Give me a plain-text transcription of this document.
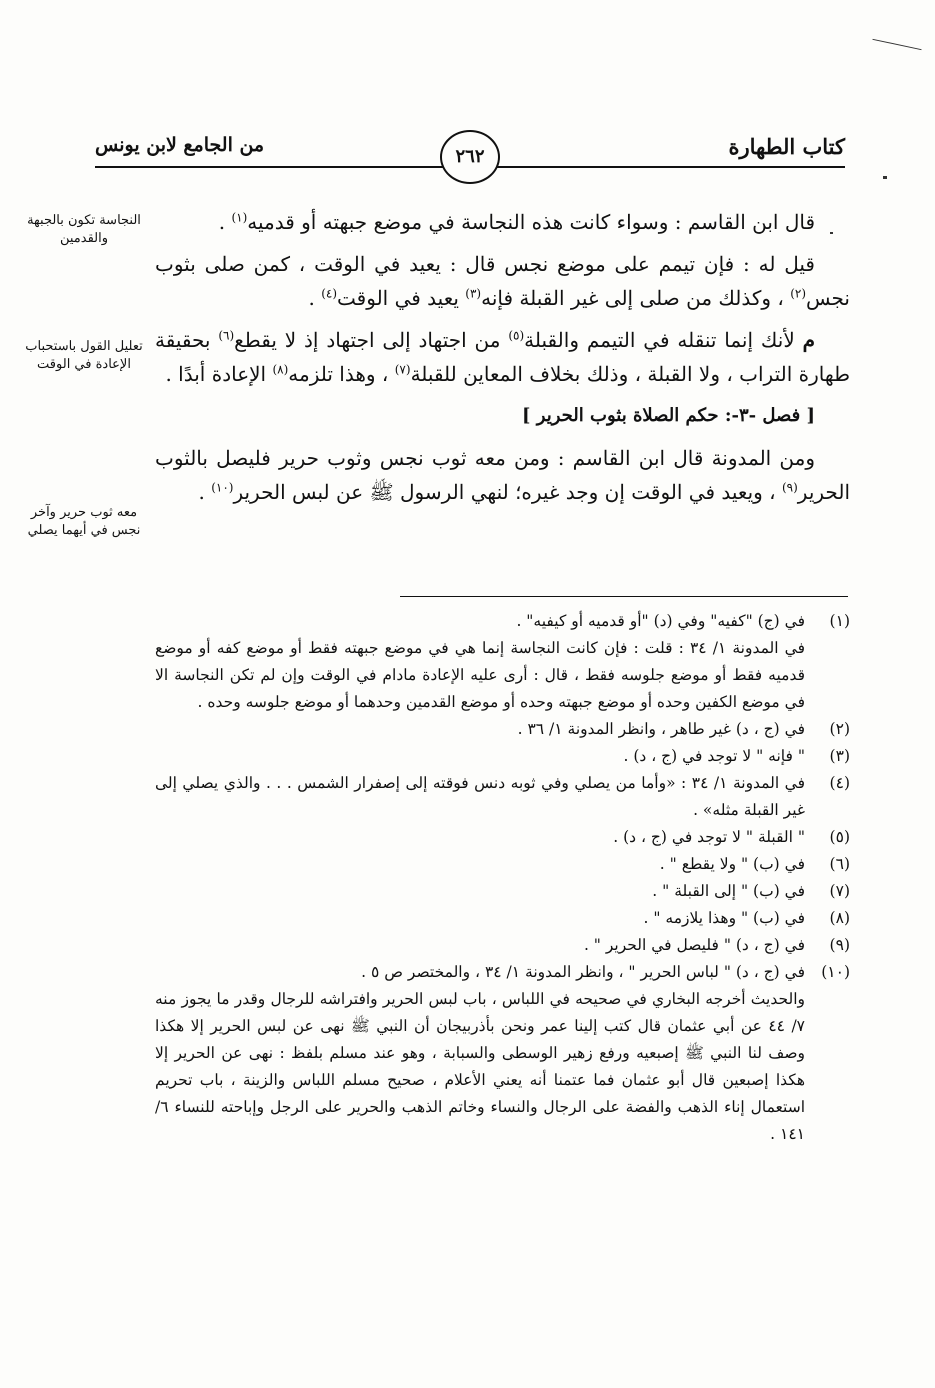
كتاب الطهارة
٢٦٢
من الجامع لابن يونس
النجاسة تكون بالجبهة والقدمين
تعليل القول باستحباب الإعادة في الوقت
معه ثوب حرير وآخر نجس في أيهما يصلي

قال ابن القاسم : وسواء كانت هذه النجاسة في موضع جبهته أو قدميه$^{(١)}$ .

قيل له : فإن تيمم على موضع نجس قال : يعيد في الوقت ، كمن صلى بثوب نجس$^{(٢)}$ ، وكذلك من صلى إلى غير القبلة فإنه$^{(٣)}$ يعيد في الوقت$^{(٤)}$ .

م لأنك إنما تنقله في التيمم والقبلة$^{(٥)}$ من اجتهاد إلى اجتهاد إذ لا يقطع$^{(٦)}$ بحقيقة طهارة التراب ، ولا القبلة ، وذلك بخلاف المعاين للقبلة$^{(٧)}$ ، وهذا تلزمه$^{(٨)}$ الإعادة أبدًا .

[ فصل -٣-: حكم الصلاة بثوب الحرير ]

ومن المدونة قال ابن القاسم : ومن معه ثوب نجس وثوب حرير فليصل بالثوب الحرير$^{(٩)}$ ، ويعيد في الوقت إن وجد غيره؛ لنهي الرسول ﷺ عن لبس الحرير$^{(١٠)}$ .

(١)
في (ج) "كفيه" وفي (د) "أو قدميه أو كيفيه" .
في المدونة ١/ ٣٤ : قلت : فإن كانت النجاسة إنما هي في موضع جبهته فقط أو موضع كفه أو موضع قدميه فقط أو موضع جلوسه فقط ، قال : أرى عليه الإعادة مادام في الوقت وإن لم تكن النجاسة الا في موضع الكفين وحده أو موضع جبهته وحده أو موضع القدمين وحدهما أو موضع جلوسه وحده .
(٢)
في (ج ، د) غير طاهر ، وانظر المدونة ١/ ٣٦ .
(٣)
" فإنه " لا توجد في (ج ، د) .
(٤)
في المدونة ١/ ٣٤ : «وأما من يصلي وفي ثوبه دنس فوقته إلى إصفرار الشمس . . . والذي يصلي إلى غير القبلة مثله» .
(٥)
" القبلة " لا توجد في (ج ، د) .
(٦)
في (ب) " ولا يقطع " .
(٧)
في (ب) " إلى القبلة " .
(٨)
في (ب) " وهذا يلازمه " .
(٩)
في (ج ، د) " فليصل في الحرير " .
(١٠)
في (ج ، د) " لباس الحرير " ، وانظر المدونة ١/ ٣٤ ، والمختصر ص ٥ .
والحديث أخرجه البخاري في صحيحه في اللباس ، باب لبس الحرير وافتراشه للرجال وقدر ما يجوز منه ٧/ ٤٤ عن أبي عثمان قال كتب إلينا عمر ونحن بأذربيجان أن النبي ﷺ نهى عن لبس الحرير إلا هكذا وصف لنا النبي ﷺ إصبعيه ورفع زهير الوسطى والسبابة ، وهو عند مسلم بلفظ : نهى عن الحرير إلا هكذا إصبعين قال أبو عثمان فما عتمنا أنه يعني الأعلام ، صحيح مسلم اللباس والزينة ، باب تحريم استعمال إناء الذهب والفضة على الرجال والنساء وخاتم الذهب والحرير على الرجل وإباحته للنساء ٦/ ١٤١ .
